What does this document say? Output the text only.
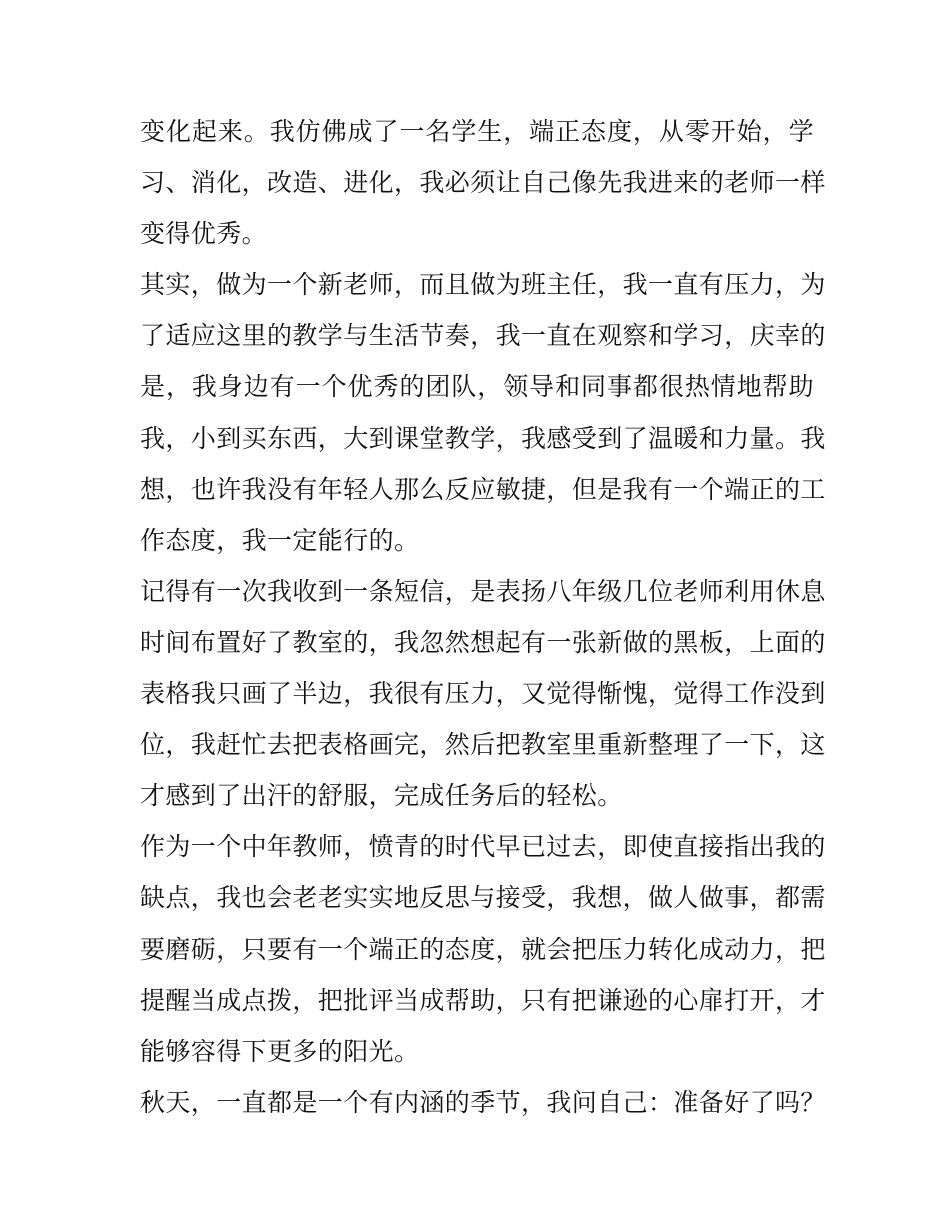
变化起来。我仿佛成了一名学生，端正态度，从零开始，学
习、消化，改造、进化，我必须让自己像先我进来的老师一样
变得优秀。
其实，做为一个新老师，而且做为班主任，我一直有压力，为
了适应这里的教学与生活节奏，我一直在观察和学习，庆幸的
是，我身边有一个优秀的团队，领导和同事都很热情地帮助
我，小到买东西，大到课堂教学，我感受到了温暖和力量。我
想，也许我没有年轻人那么反应敏捷，但是我有一个端正的工
作态度，我一定能行的。
记得有一次我收到一条短信，是表扬八年级几位老师利用休息
时间布置好了教室的，我忽然想起有一张新做的黑板，上面的
表格我只画了半边，我很有压力，又觉得惭愧，觉得工作没到
位，我赶忙去把表格画完，然后把教室里重新整理了一下，这
才感到了出汗的舒服，完成任务后的轻松。
作为一个中年教师，愤青的时代早已过去，即使直接指出我的
缺点，我也会老老实实地反思与接受，我想，做人做事，都需
要磨砺，只要有一个端正的态度，就会把压力转化成动力，把
提醒当成点拨，把批评当成帮助，只有把谦逊的心扉打开，才
能够容得下更多的阳光。
秋天，一直都是一个有内涵的季节，我问自己：准备好了吗？
